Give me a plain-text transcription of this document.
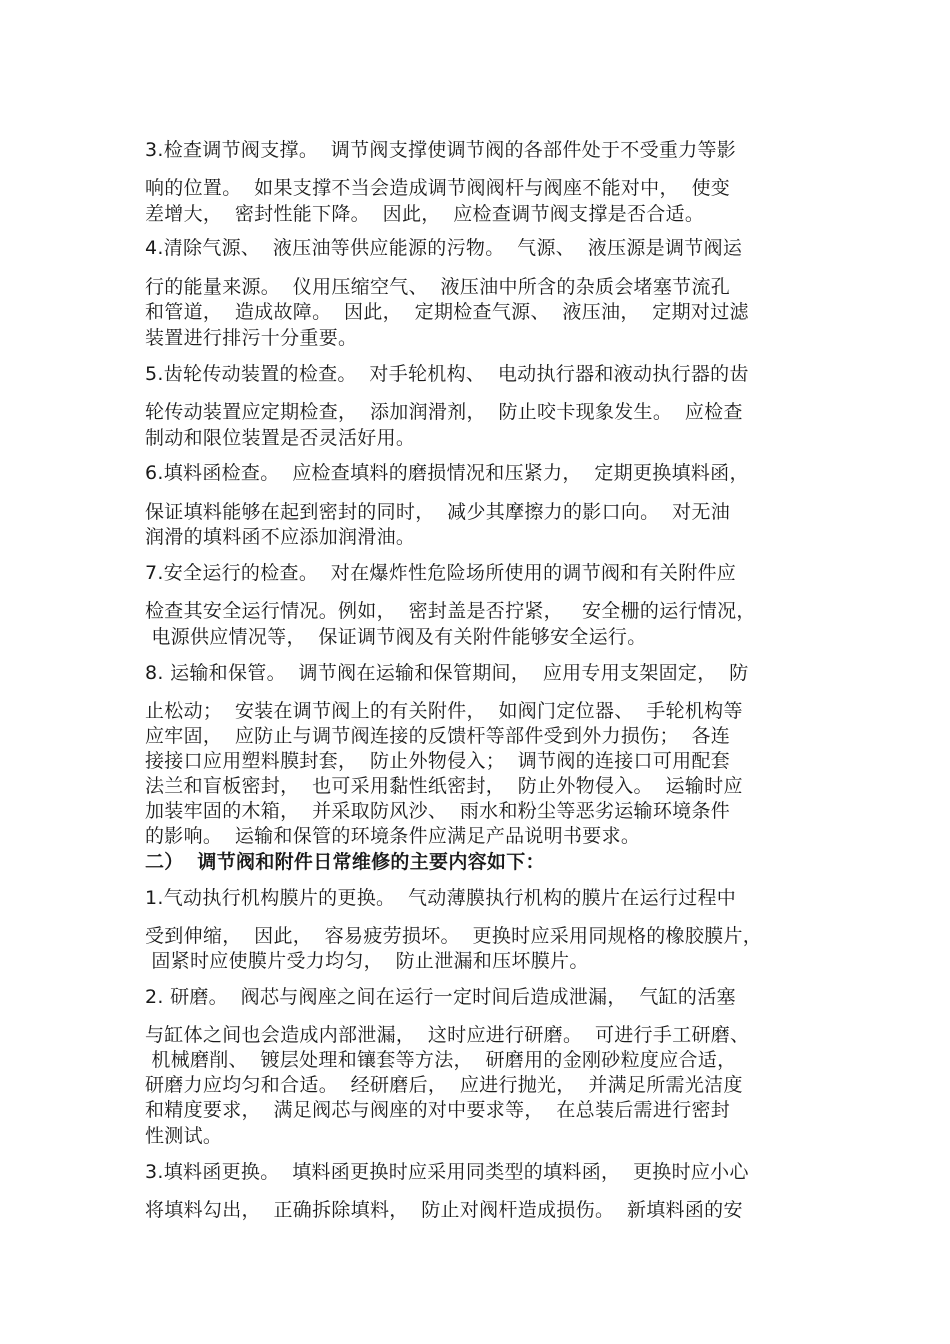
3.检查调节阀支撑。  调节阀支撑使调节阀的各部件处于不受重力等影
响的位置。  如果支撑不当会造成调节阀阀杆与阀座不能对中，  使变
差增大，  密封性能下降。  因此，  应检查调节阀支撑是否合适。
4.清除气源、  液压油等供应能源的污物。  气源、  液压源是调节阀运
行的能量来源。  仪用压缩空气、  液压油中所含的杂质会堵塞节流孔
和管道，  造成故障。  因此，  定期检查气源、  液压油，  定期对过滤
装置进行排污十分重要。
5.齿轮传动装置的检查。  对手轮机构、  电动执行器和液动执行器的齿
轮传动装置应定期检查，  添加润滑剂，  防止咬卡现象发生。  应检查
制动和限位装置是否灵活好用。
6.填料函检查。  应检查填料的磨损情况和压紧力，  定期更换填料函，
保证填料能够在起到密封的同时，  减少其摩擦力的影口向。  对无油
润滑的填料函不应添加润滑油。
7.安全运行的检查。  对在爆炸性危险场所使用的调节阀和有关附件应
检查其安全运行情况。例如，  密封盖是否拧紧，   安全栅的运行情况，
电源供应情况等，  保证调节阀及有关附件能够安全运行。
8. 运输和保管。  调节阀在运输和保管期间，  应用专用支架固定，  防
止松动；  安装在调节阀上的有关附件，  如阀门定位器、  手轮机构等
应牢固，  应防止与调节阀连接的反馈杆等部件受到外力损伤；  各连
接接口应用塑料膜封套，  防止外物侵入；  调节阀的连接口可用配套
法兰和盲板密封，  也可采用黏性纸密封，  防止外物侵入。  运输时应
加装牢固的木箱，  并采取防风沙、  雨水和粉尘等恶劣运输环境条件
的影响。  运输和保管的环境条件应满足产品说明书要求。
二）  调节阀和附件日常维修的主要内容如下：
1.气动执行机构膜片的更换。  气动薄膜执行机构的膜片在运行过程中
受到伸缩，  因此，  容易疲劳损坏。  更换时应采用同规格的橡胶膜片，
固紧时应使膜片受力均匀，  防止泄漏和压坏膜片。
2. 研磨。  阀芯与阀座之间在运行一定时间后造成泄漏，  气缸的活塞
与缸体之间也会造成内部泄漏，  这时应进行研磨。  可进行手工研磨、
机械磨削、  镀层处理和镶套等方法，  研磨用的金刚砂粒度应合适，
研磨力应均匀和合适。  经研磨后，  应进行抛光，  并满足所需光洁度
和精度要求，  满足阀芯与阀座的对中要求等，  在总装后需进行密封
性测试。
3.填料函更换。  填料函更换时应采用同类型的填料函，  更换时应小心
将填料勾出，  正确拆除填料，  防止对阀杆造成损伤。  新填料函的安
